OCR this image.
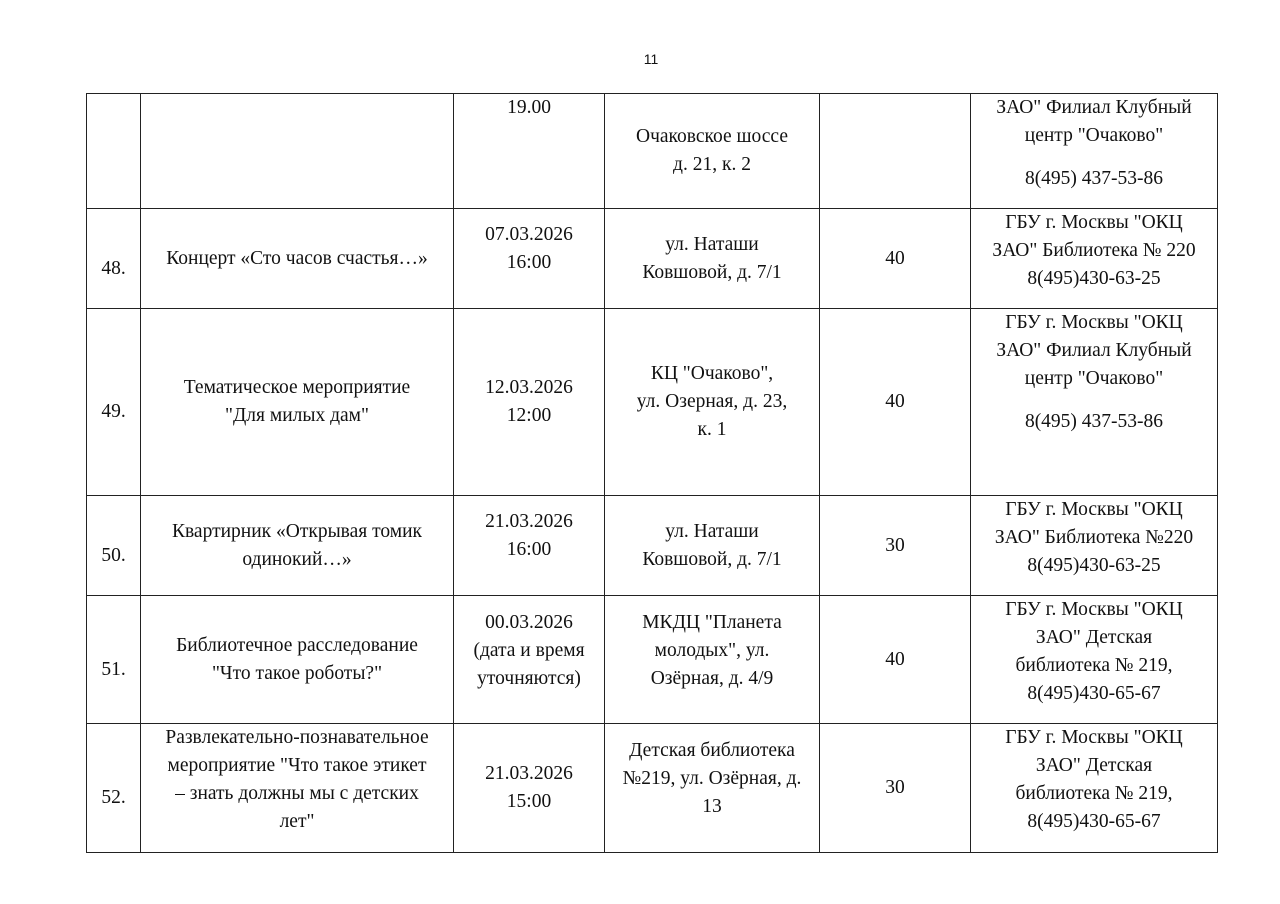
11

		19.00	Очаковское шоссе
д. 21, к. 2		ЗАО" Филиал Клубный
центр "Очаково"
8(495) 437-53-86

48.	Концерт «Сто часов счастья…»	07.03.2026
16:00	ул. Наташи
Ковшовой, д. 7/1	40	ГБУ г. Москвы "ОКЦ
ЗАО" Библиотека № 220
8(495)430-63-25

49.	Тематическое мероприятие
"Для милых дам"	12.03.2026
12:00	КЦ "Очаково",
ул. Озерная, д. 23,
к. 1	40	ГБУ г. Москвы "ОКЦ
ЗАО" Филиал Клубный
центр "Очаково"
8(495) 437-53-86

50.	Квартирник «Открывая томик
одинокий…»	21.03.2026
16:00	ул. Наташи
Ковшовой, д. 7/1	30	ГБУ г. Москвы "ОКЦ
ЗАО" Библиотека №220
8(495)430-63-25

51.	Библиотечное расследование
"Что такое роботы?"	00.03.2026
(дата и время
уточняются)	МКДЦ "Планета
молодых", ул.
Озёрная, д. 4/9	40	ГБУ г. Москвы "ОКЦ
ЗАО" Детская
библиотека № 219,
8(495)430-65-67

52.	Развлекательно-познавательное
мероприятие "Что такое этикет
– знать должны мы с детских
лет"	21.03.2026
15:00	Детская библиотека
№219, ул. Озёрная, д.
13	30	ГБУ г. Москвы "ОКЦ
ЗАО" Детская
библиотека № 219,
8(495)430-65-67
